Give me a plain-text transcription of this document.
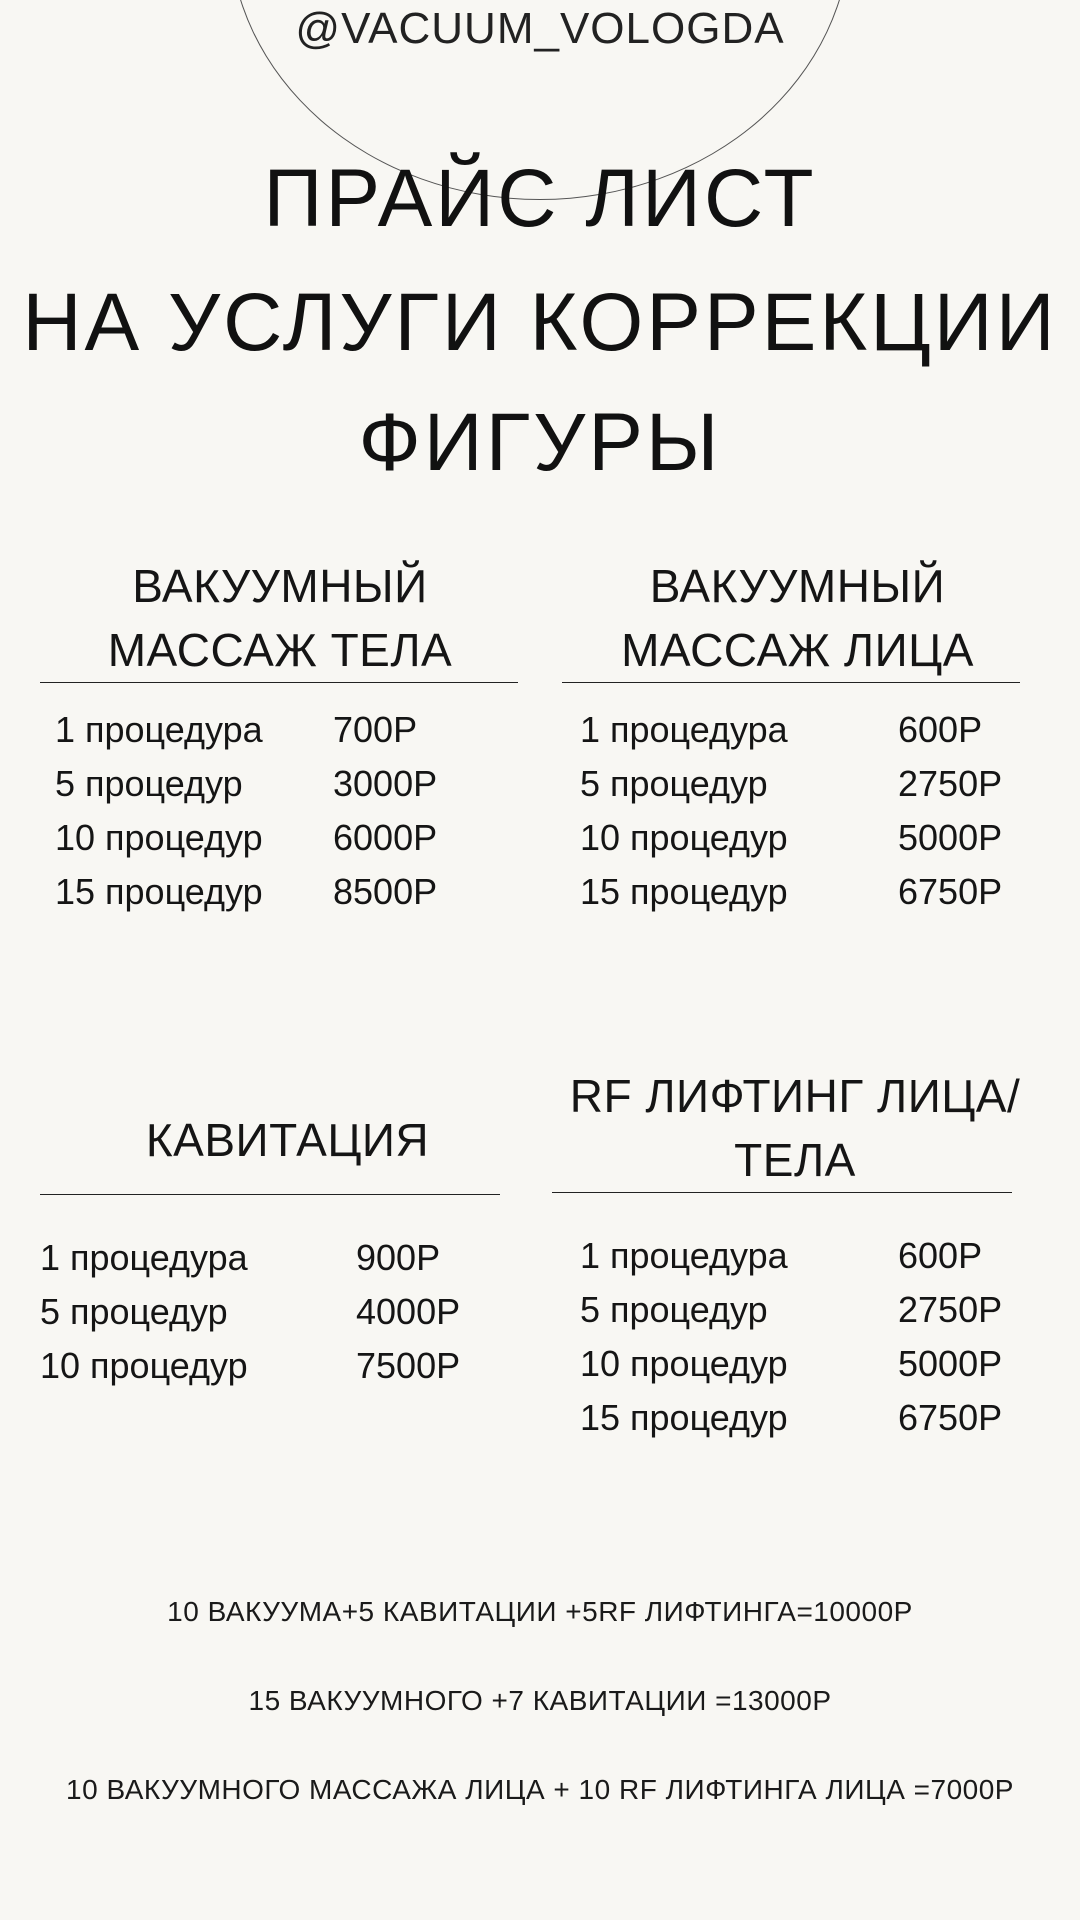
@VACUUM_VOLOGDA
ПРАЙС ЛИСТ
НА УСЛУГИ КОРРЕКЦИИ
ФИГУРЫ
ВАКУУМНЫЙ
МАССАЖ ТЕЛА
1 процедура 700Р
5 процедур	3000Р
10 процедур 6000Р
15 процедур 8500Р
ВАКУУМНЫЙ
МАССАЖ ЛИЦА
1 процедура	600Р
5 процедур	2750Р
10 процедур	5000Р
15 процедур	6750Р
КАВИТАЦИЯ
1 процедура	900Р
5 процедур	4000Р
10 процедур	7500Р
RF ЛИФТИНГ ЛИЦА/
ТЕЛА
1 процедура	600Р
5 процедур	2750Р
10 процедур	5000Р
15 процедур	6750Р
10 ВАКУУМА+5 КАВИТАЦИИ +5RF ЛИФТИНГА=10000Р
15 ВАКУУМНОГО +7 КАВИТАЦИИ =13000Р
10 ВАКУУМНОГО МАССАЖА ЛИЦА + 10 RF ЛИФТИНГА ЛИЦА =7000Р
